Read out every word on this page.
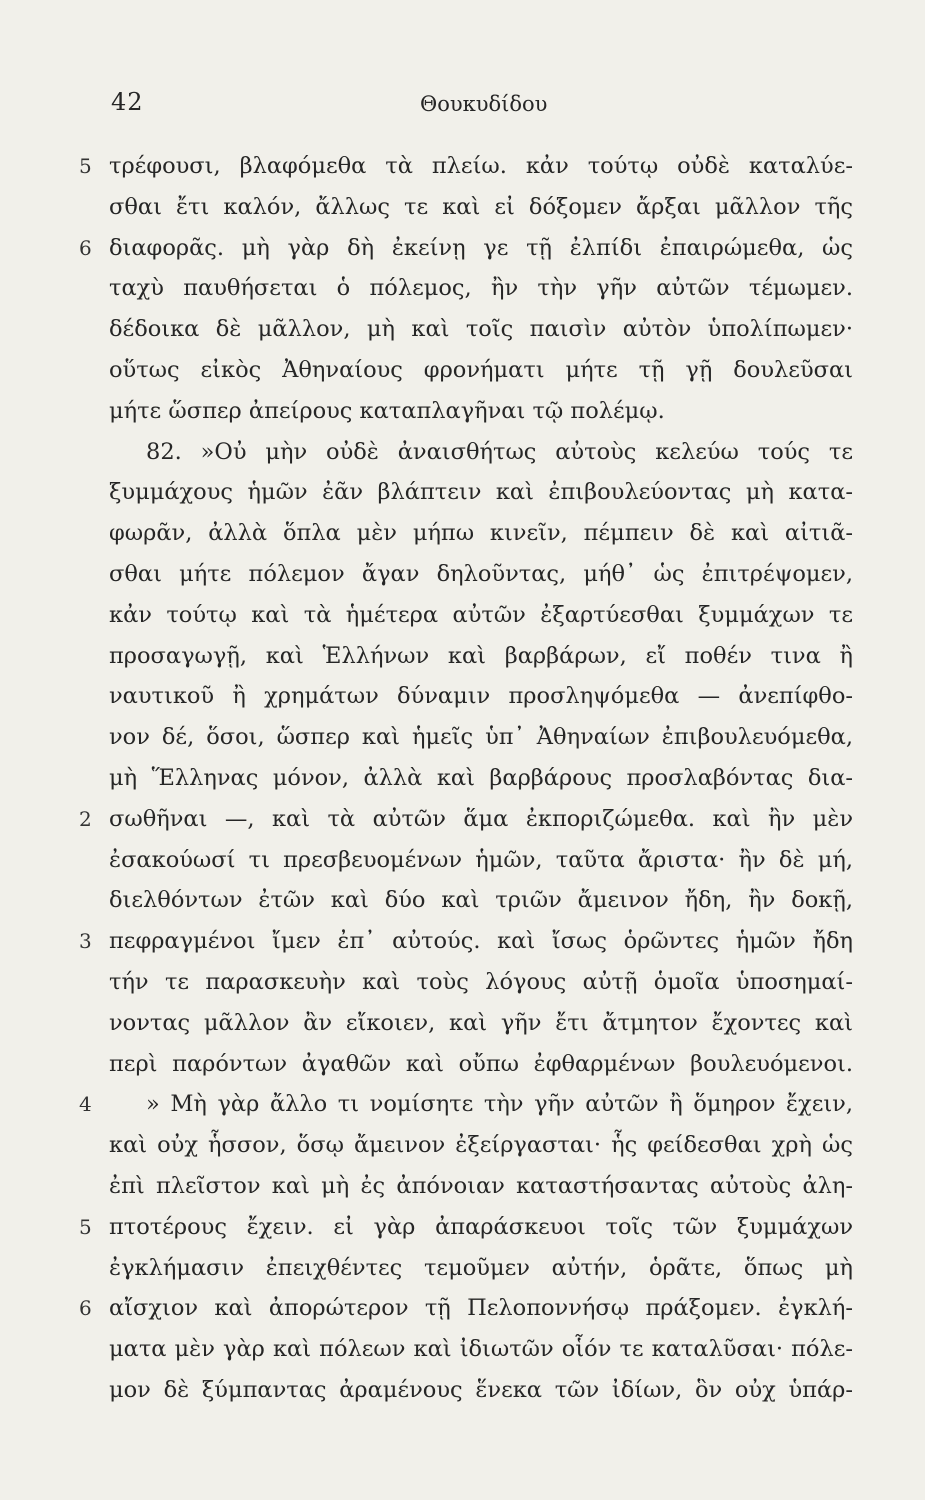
42	Θουκυδίδου
5 τρέφουσι, βλαφόμεθα τὰ πλείω. κἀν τούτῳ οὐδὲ καταλύε-
σθαι ἔτι καλόν, ἄλλως τε καὶ εἰ δόξομεν ἄρξαι μᾶλλον τῆς
6 διαφορᾶς. μὴ γὰρ δὴ ἐκείνῃ γε τῇ ἐλπίδι ἐπαιρώμεθα, ὡς
ταχὺ παυθήσεται ὁ πόλεμος, ἢν τὴν γῆν αὐτῶν τέμωμεν.
δέδοικα δὲ μᾶλλον, μὴ καὶ τοῖς παισὶν αὐτὸν ὑπολίπωμεν·
οὕτως εἰκὸς Ἀθηναίους φρονήματι μήτε τῇ γῇ δουλεῦσαι
μήτε ὥσπερ ἀπείρους καταπλαγῆναι τῷ πολέμῳ.
82. »Οὐ μὴν οὐδὲ ἀναισθήτως αὐτοὺς κελεύω τούς τε
ξυμμάχους ἡμῶν ἐᾶν βλάπτειν καὶ ἐπιβουλεύοντας μὴ κατα-
φωρᾶν, ἀλλὰ ὅπλα μὲν μήπω κινεῖν, πέμπειν δὲ καὶ αἰτιᾶ-
σθαι μήτε πόλεμον ἄγαν δηλοῦντας, μήθ᾽ ὡς ἐπιτρέψομεν,
κἀν τούτῳ καὶ τὰ ἡμέτερα αὐτῶν ἐξαρτύεσθαι ξυμμάχων τε
προσαγωγῇ, καὶ Ἑλλήνων καὶ βαρβάρων, εἴ ποθέν τινα ἢ
ναυτικοῦ ἢ χρημάτων δύναμιν προσληψόμεθα — ἀνεπίφθο-
νον δέ, ὅσοι, ὥσπερ καὶ ἡμεῖς ὑπ᾽ Ἀθηναίων ἐπιβουλευόμεθα,
μὴ Ἕλληνας μόνον, ἀλλὰ καὶ βαρβάρους προσλαβόντας δια-
2 σωθῆναι —, καὶ τὰ αὐτῶν ἅμα ἐκποριζώμεθα. καὶ ἢν μὲν
ἐσακούωσί τι πρεσβευομένων ἡμῶν, ταῦτα ἄριστα· ἢν δὲ μή,
διελθόντων ἐτῶν καὶ δύο καὶ τριῶν ἄμεινον ἤδη, ἢν δοκῇ,
3 πεφραγμένοι ἴμεν ἐπ᾽ αὐτούς. καὶ ἴσως ὁρῶντες ἡμῶν ἤδη
τήν τε παρασκευὴν καὶ τοὺς λόγους αὐτῇ ὁμοῖα ὑποσημαί-
νοντας μᾶλλον ἂν εἴκοιεν, καὶ γῆν ἔτι ἄτμητον ἔχοντες καὶ
περὶ παρόντων ἀγαθῶν καὶ οὔπω ἐφθαρμένων βουλευόμενοι.
4	» Μὴ γὰρ ἄλλο τι νομίσητε τὴν γῆν αὐτῶν ἢ ὅμηρον ἔχειν,
καὶ οὐχ ἧσσον, ὅσῳ ἄμεινον ἐξείργασται· ἧς φείδεσθαι χρὴ ὡς
ἐπὶ πλεῖστον καὶ μὴ ἐς ἀπόνοιαν καταστήσαντας αὐτοὺς ἀλη-
5 πτοτέρους ἔχειν. εἰ γὰρ ἀπαράσκευοι τοῖς τῶν ξυμμάχων
ἐγκλήμασιν ἐπειχθέντες τεμοῦμεν αὐτήν, ὁρᾶτε, ὅπως μὴ
6 αἴσχιον καὶ ἀπορώτερον τῇ Πελοποννήσῳ πράξομεν. ἐγκλή-
ματα μὲν γὰρ καὶ πόλεων καὶ ἰδιωτῶν οἷόν τε καταλῦσαι· πόλε-
μον δὲ ξύμπαντας ἀραμένους ἕνεκα τῶν ἰδίων, ὃν οὐχ ὑπάρ-
